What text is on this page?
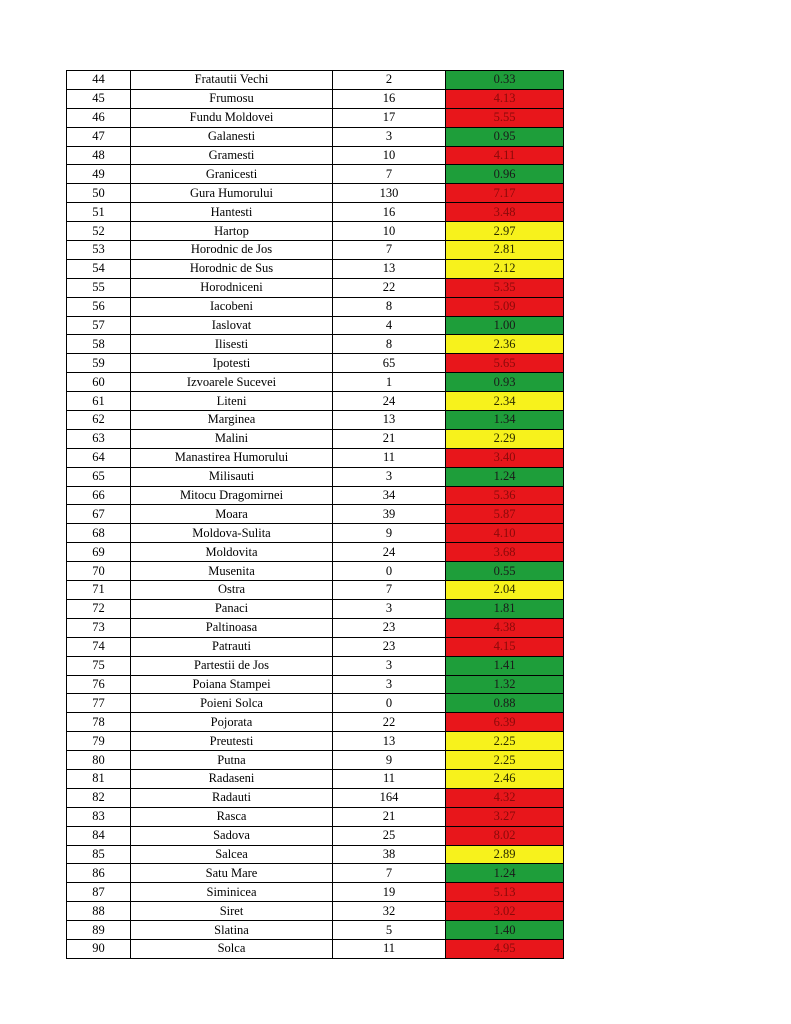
44	Fratautii Vechi	2	0.33
45	Frumosu	16	4.13
46	Fundu Moldovei	17	5.55
47	Galanesti	3	0.95
48	Gramesti	10	4.11
49	Granicesti	7	0.96
50	Gura Humorului	130	7.17
51	Hantesti	16	3.48
52	Hartop	10	2.97
53	Horodnic de Jos	7	2.81
54	Horodnic de Sus	13	2.12
55	Horodniceni	22	5.35
56	Iacobeni	8	5.09
57	Iaslovat	4	1.00
58	Ilisesti	8	2.36
59	Ipotesti	65	5.65
60	Izvoarele Sucevei	1	0.93
61	Liteni	24	2.34
62	Marginea	13	1.34
63	Malini	21	2.29
64	Manastirea Humorului	11	3.40
65	Milisauti	3	1.24
66	Mitocu Dragomirnei	34	5.36
67	Moara	39	5.87
68	Moldova-Sulita	9	4.10
69	Moldovita	24	3.68
70	Musenita	0	0.55
71	Ostra	7	2.04
72	Panaci	3	1.81
73	Paltinoasa	23	4.38
74	Patrauti	23	4.15
75	Partestii de Jos	3	1.41
76	Poiana Stampei	3	1.32
77	Poieni Solca	0	0.88
78	Pojorata	22	6.39
79	Preutesti	13	2.25
80	Putna	9	2.25
81	Radaseni	11	2.46
82	Radauti	164	4.32
83	Rasca	21	3.27
84	Sadova	25	8.02
85	Salcea	38	2.89
86	Satu Mare	7	1.24
87	Siminicea	19	5.13
88	Siret	32	3.02
89	Slatina	5	1.40
90	Solca	11	4.95
